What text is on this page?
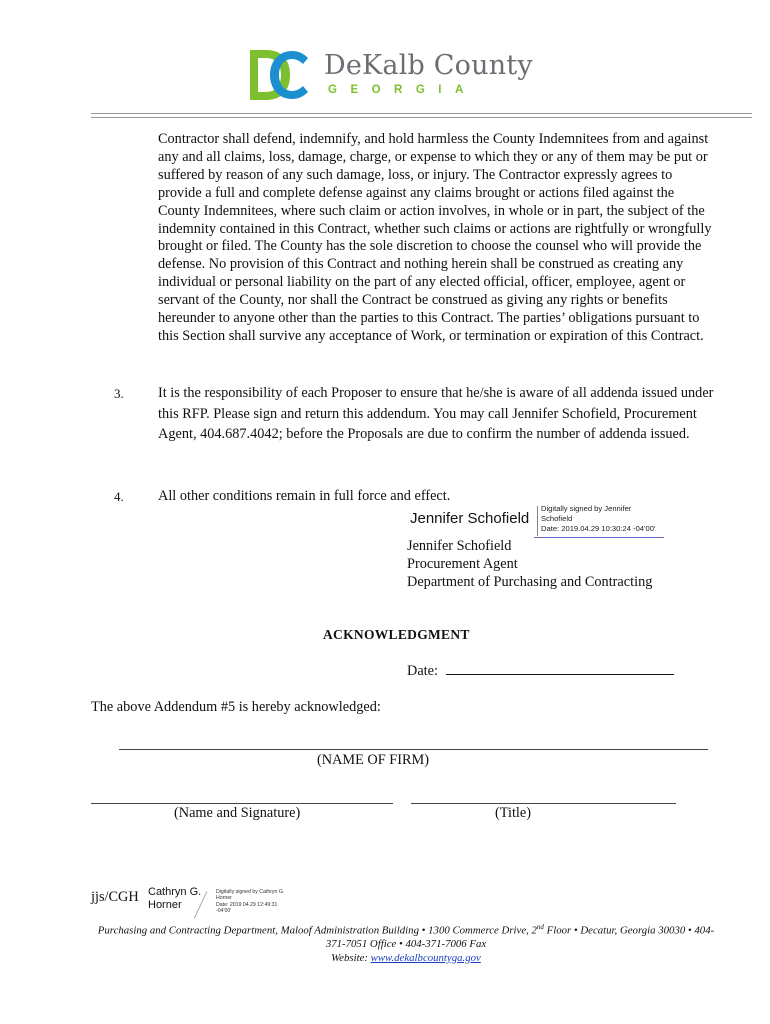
DeKalb County
GEORGIA

Contractor shall defend, indemnify, and hold harmless the County Indemnitees from and against any and all claims, loss, damage, charge, or expense to which they or any of them may be put or suffered by reason of any such damage, loss, or injury. The Contractor expressly agrees to provide a full and complete defense against any claims brought or actions filed against the County Indemnitees, where such claim or action involves, in whole or in part, the subject of the indemnity contained in this Contract, whether such claims or actions are rightfully or wrongfully brought or filed. The County has the sole discretion to choose the counsel who will provide the defense. No provision of this Contract and nothing herein shall be construed as creating any individual or personal liability on the part of any elected official, officer, employee, agent or servant of the County, nor shall the Contract be construed as giving any rights or benefits hereunder to anyone other than the parties to this Contract. The parties’ obligations pursuant to this Section shall survive any acceptance of Work, or termination or expiration of this Contract.

3. It is the responsibility of each Proposer to ensure that he/she is aware of all addenda issued under this RFP. Please sign and return this addendum. You may call Jennifer Schofield, Procurement Agent, 404.687.4042; before the Proposals are due to confirm the number of addenda issued.

4. All other conditions remain in full force and effect.

Jennifer Schofield
Digitally signed by Jennifer
Schofield
Date: 2019.04.29 10:30:24 -04'00'
Jennifer Schofield
Procurement Agent
Department of Purchasing and Contracting
ACKNOWLEDGMENT
Date:
The above Addendum #5 is hereby acknowledged:
(NAME OF FIRM)
(Name and Signature)	(Title)
jjs/CGH Cathryn G.
Horner
Digitally signed by Cathryn G.
Horner
Date: 2019.04.29 12:49:31
-04'00'
Purchasing and Contracting Department, Maloof Administration Building • 1300 Commerce Drive, 2nd Floor • Decatur, Georgia 30030 • 404-
371-7051 Office • 404-371-7006 Fax
Website: www.dekalbcountyga.gov
